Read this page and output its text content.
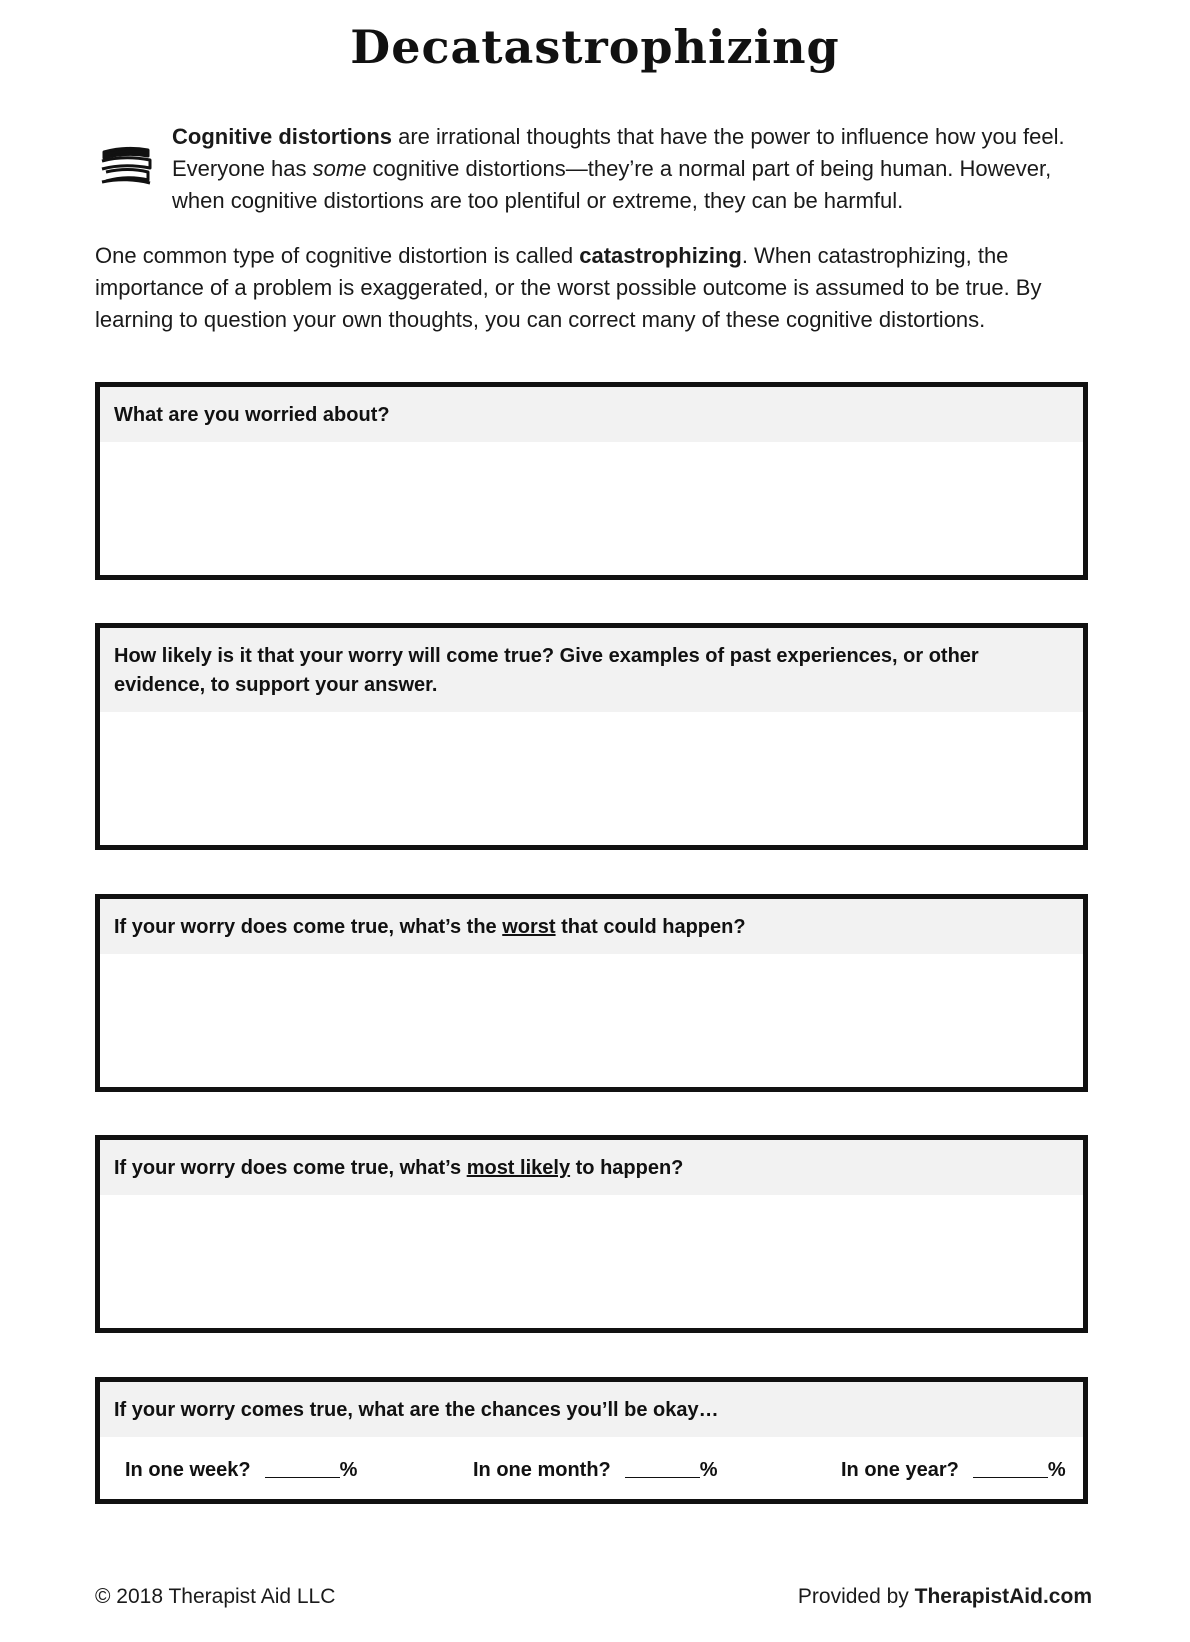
Decatastrophizing
Cognitive distortions are irrational thoughts that have the power to influence how you feel. Everyone has some cognitive distortions—they’re a normal part of being human. However, when cognitive distortions are too plentiful or extreme, they can be harmful.
One common type of cognitive distortion is called catastrophizing. When catastrophizing, the importance of a problem is exaggerated, or the worst possible outcome is assumed to be true. By learning to question your own thoughts, you can correct many of these cognitive distortions.
What are you worried about?
How likely is it that your worry will come true? Give examples of past experiences, or other evidence, to support your answer.
If your worry does come true, what’s the worst that could happen?
If your worry does come true, what’s most likely to happen?
If your worry comes true, what are the chances you’ll be okay…
In one week?	%	In one month?	%	In one year?	%
© 2018 Therapist Aid LLC	Provided by TherapistAid.com
